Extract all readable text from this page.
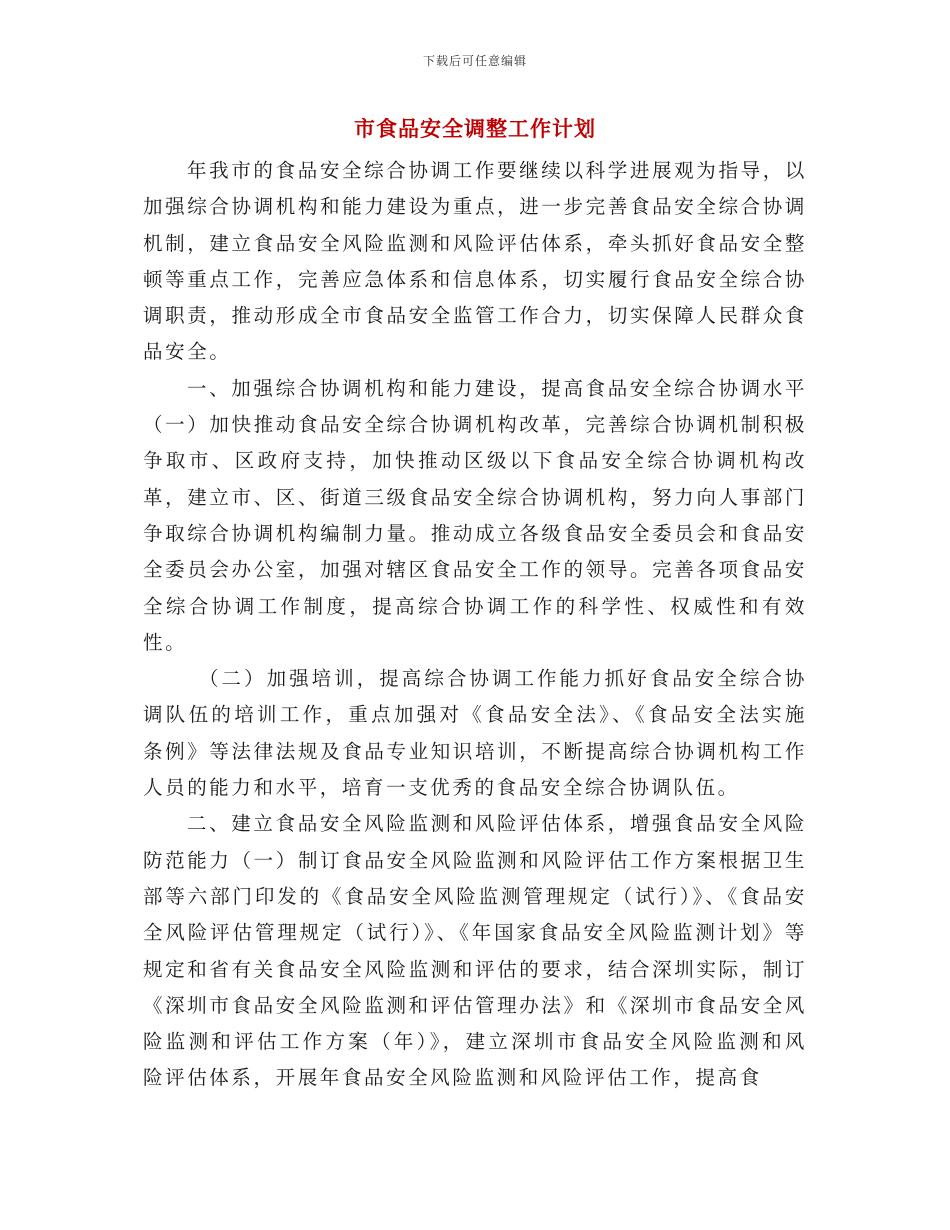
下载后可任意编辑
市食品安全调整工作计划

年我市的食品安全综合协调工作要继续以科学进展观为指导，以加强综合协调机构和能力建设为重点，进一步完善食品安全综合协调机制，建立食品安全风险监测和风险评估体系，牵头抓好食品安全整顿等重点工作，完善应急体系和信息体系，切实履行食品安全综合协调职责，推动形成全市食品安全监管工作合力，切实保障人民群众食品安全。

一、加强综合协调机构和能力建设，提高食品安全综合协调水平（一）加快推动食品安全综合协调机构改革，完善综合协调机制积极争取市、区政府支持，加快推动区级以下食品安全综合协调机构改革，建立市、区、街道三级食品安全综合协调机构，努力向人事部门争取综合协调机构编制力量。推动成立各级食品安全委员会和食品安全委员会办公室，加强对辖区食品安全工作的领导。完善各项食品安全综合协调工作制度，提高综合协调工作的科学性、权威性和有效性。

（二）加强培训，提高综合协调工作能力抓好食品安全综合协调队伍的培训工作，重点加强对《食品安全法》、《食品安全法实施条例》等法律法规及食品专业知识培训，不断提高综合协调机构工作人员的能力和水平，培育一支优秀的食品安全综合协调队伍。

二、建立食品安全风险监测和风险评估体系，增强食品安全风险防范能力（一）制订食品安全风险监测和风险评估工作方案根据卫生部等六部门印发的《食品安全风险监测管理规定（试行）》、《食品安全风险评估管理规定（试行）》、《年国家食品安全风险监测计划》等规定和省有关食品安全风险监测和评估的要求，结合深圳实际，制订《深圳市食品安全风险监测和评估管理办法》和《深圳市食品安全风险监测和评估工作方案（年）》，建立深圳市食品安全风险监测和风险评估体系，开展年食品安全风险监测和风险评估工作，提高食
